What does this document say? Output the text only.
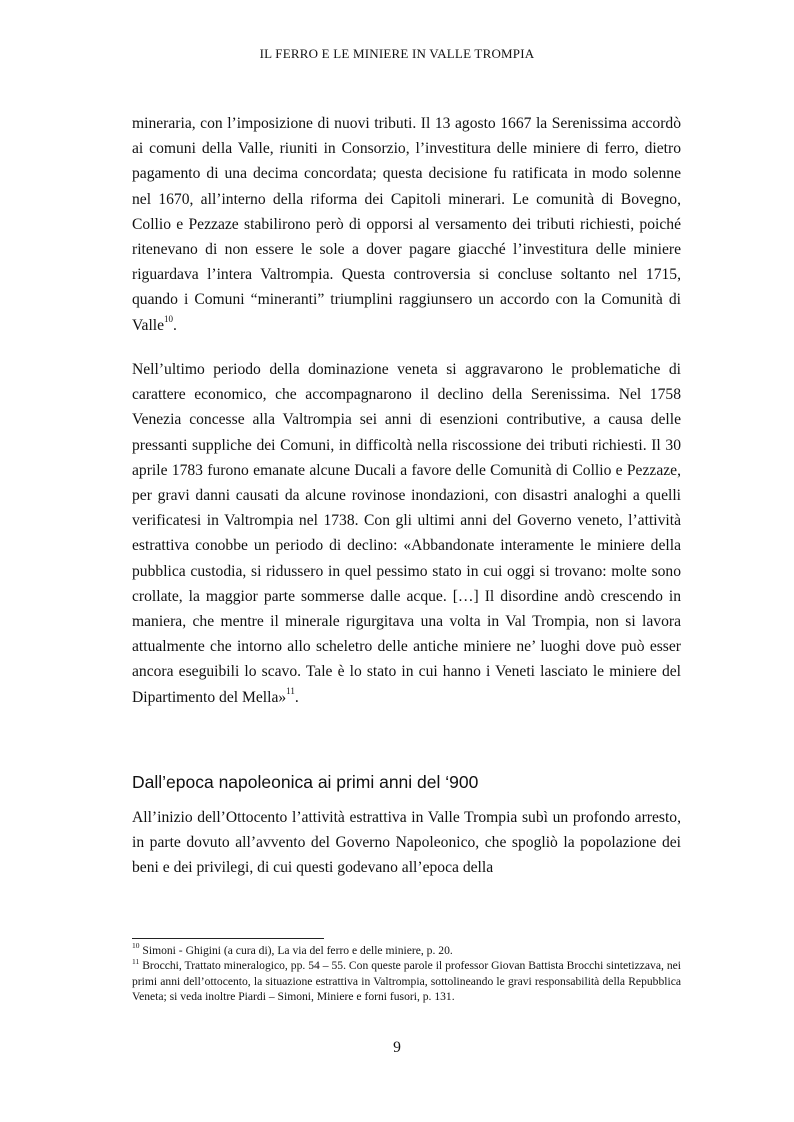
IL FERRO E LE MINIERE IN VALLE TROMPIA

mineraria, con l’imposizione di nuovi tributi. Il 13 agosto 1667 la Serenissima accordò ai comuni della Valle, riuniti in Consorzio, l’investitura delle miniere di ferro, dietro pagamento di una decima concordata; questa decisione fu ratificata in modo solenne nel 1670, all’interno della riforma dei Capitoli minerari. Le comunità di Bovegno, Collio e Pezzaze stabilirono però di opporsi al versamento dei tributi richiesti, poiché ritenevano di non essere le sole a dover pagare giacché l’investitura delle miniere riguardava l’intera Valtrompia. Questa controversia si concluse soltanto nel 1715, quando i Comuni “mineranti” triumplini raggiunsero un accordo con la Comunità di Valle$^{10}$.

Nell’ultimo periodo della dominazione veneta si aggravarono le problematiche di carattere economico, che accompagnarono il declino della Serenissima. Nel 1758 Venezia concesse alla Valtrompia sei anni di esenzioni contributive, a causa delle pressanti suppliche dei Comuni, in difficoltà nella riscossione dei tributi richiesti. Il 30 aprile 1783 furono emanate alcune Ducali a favore delle Comunità di Collio e Pezzaze, per gravi danni causati da alcune rovinose inondazioni, con disastri analoghi a quelli verificatesi in Valtrompia nel 1738. Con gli ultimi anni del Governo veneto, l’attività estrattiva conobbe un periodo di declino: «Abbandonate interamente le miniere della pubblica custodia, si ridussero in quel pessimo stato in cui oggi si trovano: molte sono crollate, la maggior parte sommerse dalle acque. […] Il disordine andò crescendo in maniera, che mentre il minerale rigurgitava una volta in Val Trompia, non si lavora attualmente che intorno allo scheletro delle antiche miniere ne’ luoghi dove può esser ancora eseguibili lo scavo. Tale è lo stato in cui hanno i Veneti lasciato le miniere del Dipartimento del Mella»$^{11}$.

Dall’epoca napoleonica ai primi anni del ‘900

All’inizio dell’Ottocento l’attività estrattiva in Valle Trompia subì un profondo arresto, in parte dovuto all’avvento del Governo Napoleonico, che spogliò la popolazione dei beni e dei privilegi, di cui questi godevano all’epoca della

$^{10}$ Simoni - Ghigini (a cura di), La via del ferro e delle miniere, p. 20.

$^{11}$ Brocchi, Trattato mineralogico, pp. 54 – 55. Con queste parole il professor Giovan Battista Brocchi sintetizzava, nei primi anni dell’ottocento, la situazione estrattiva in Valtrompia, sottolineando le gravi responsabilità della Repubblica Veneta; si veda inoltre Piardi – Simoni, Miniere e forni fusori, p. 131.

9
